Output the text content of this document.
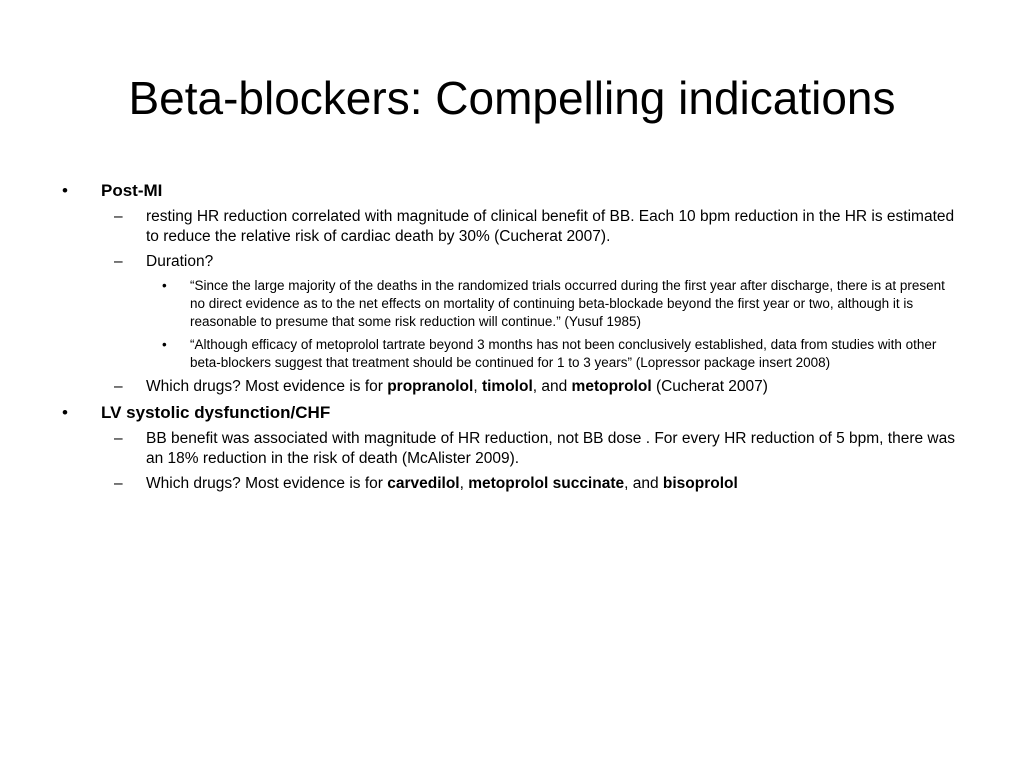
Beta-blockers: Compelling indications
• Post-MI
– resting HR reduction correlated with magnitude of clinical benefit of BB. Each 10 bpm reduction in the HR is estimated to reduce the relative risk of cardiac death by 30% (Cucherat 2007).
– Duration?
• “Since the large majority of the deaths in the randomized trials occurred during the first year after discharge, there is at present no direct evidence as to the net effects on mortality of continuing beta-blockade beyond the first year or two, although it is reasonable to presume that some risk reduction will continue.” (Yusuf 1985)
• “Although efficacy of metoprolol tartrate beyond 3 months has not been conclusively established, data from studies with other beta-blockers suggest that treatment should be continued for 1 to 3 years” (Lopressor package insert 2008)
– Which drugs? Most evidence is for propranolol, timolol, and metoprolol (Cucherat 2007)
• LV systolic dysfunction/CHF
– BB benefit was associated with magnitude of HR reduction, not BB dose . For every HR reduction of 5 bpm, there was an 18% reduction in the risk of death (McAlister 2009).
– Which drugs? Most evidence is for carvedilol, metoprolol succinate, and bisoprolol
